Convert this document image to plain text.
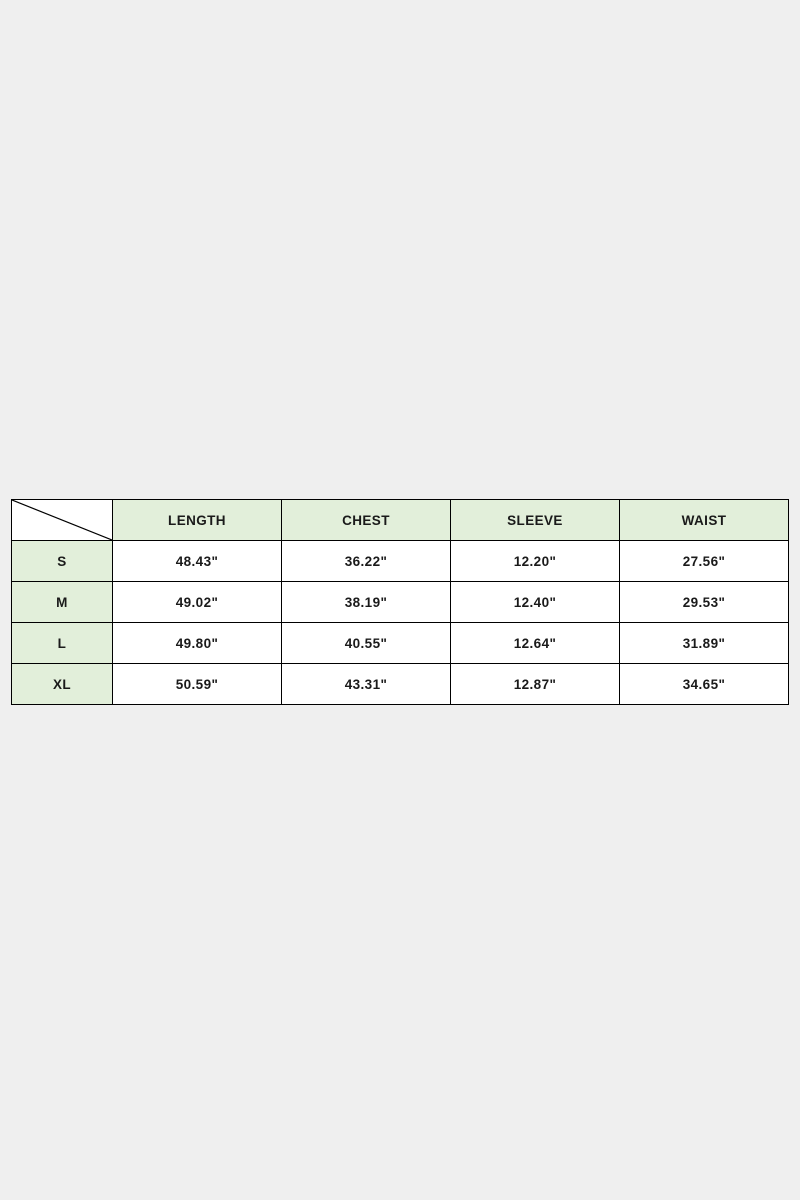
	LENGTH	CHEST	SLEEVE	WAIST
S	48.43"	36.22"	12.20"	27.56"
M	49.02"	38.19"	12.40"	29.53"
L	49.80"	40.55"	12.64"	31.89"
XL	50.59"	43.31"	12.87"	34.65"
